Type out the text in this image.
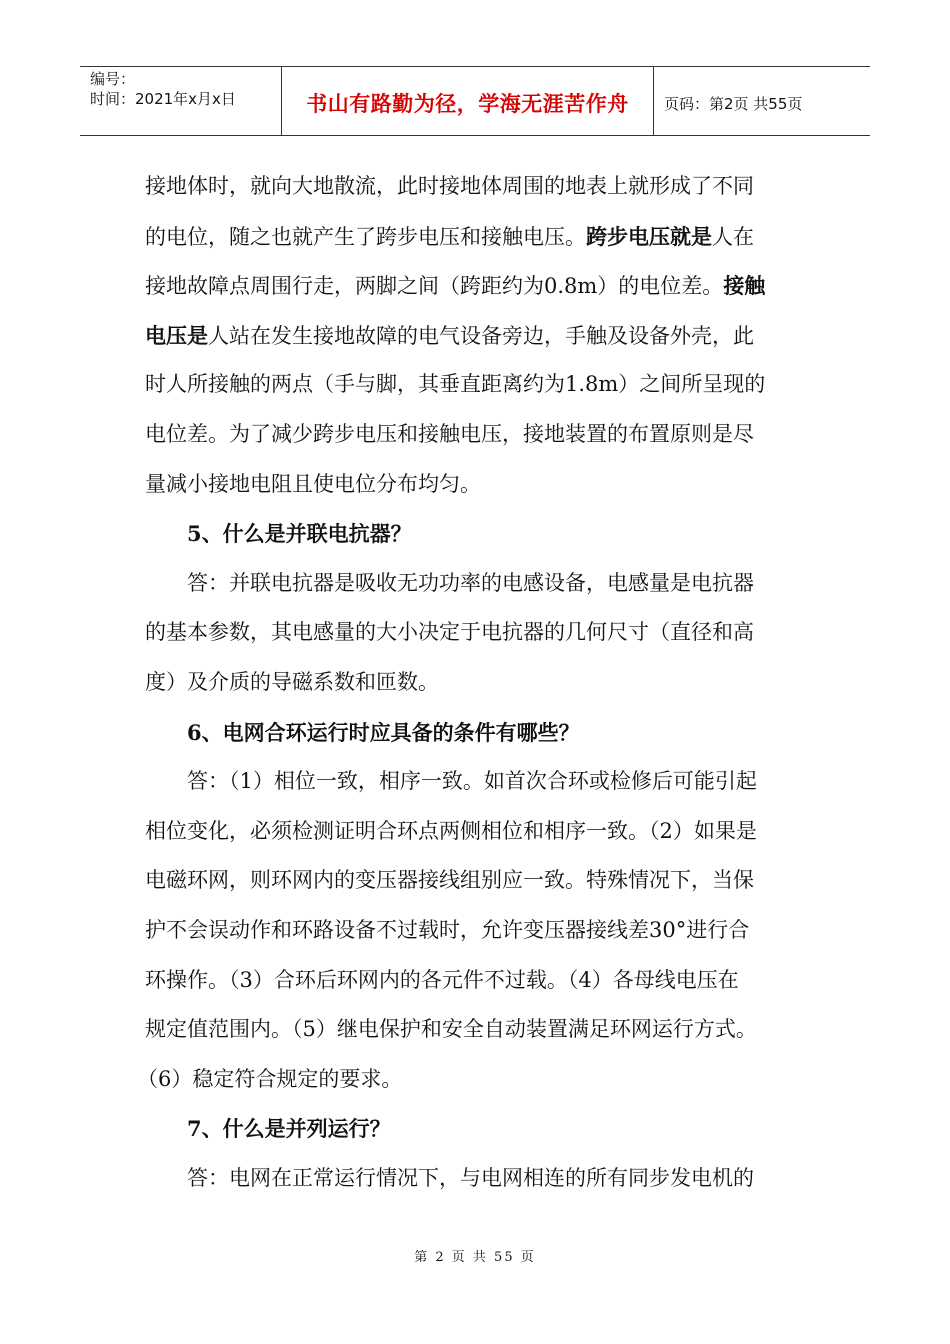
编号：
时间：2021年x月x日	书山有路勤为径，学海无涯苦作舟 页码：第2页 共55页
接地体时，就向大地散流，此时接地体周围的地表上就形成了不同
的电位，随之也就产生了跨步电压和接触电压。跨步电压就是人在
接地故障点周围行走，两脚之间（跨距约为0.8m）的电位差。接触
电压是人站在发生接地故障的电气设备旁边，手触及设备外壳，此
时人所接触的两点（手与脚，其垂直距离约为1.8m）之间所呈现的
电位差。为了减少跨步电压和接触电压，接地装置的布置原则是尽
量减小接地电阻且使电位分布均匀。
5、什么是并联电抗器？
答：并联电抗器是吸收无功功率的电感设备，电感量是电抗器
的基本参数，其电感量的大小决定于电抗器的几何尺寸（直径和高
度）及介质的导磁系数和匝数。
6、电网合环运行时应具备的条件有哪些？
答：（1）相位一致，相序一致。如首次合环或检修后可能引起
相位变化，必须检测证明合环点两侧相位和相序一致。（2）如果是
电磁环网，则环网内的变压器接线组别应一致。特殊情况下，当保
护不会误动作和环路设备不过载时，允许变压器接线差30°进行合
环操作。（3）合环后环网内的各元件不过载。（4）各母线电压在
规定值范围内。（5）继电保护和安全自动装置满足环网运行方式。
（6）稳定符合规定的要求。
7、什么是并列运行？
答：电网在正常运行情况下，与电网相连的所有同步发电机的
第 2 页 共 55 页
